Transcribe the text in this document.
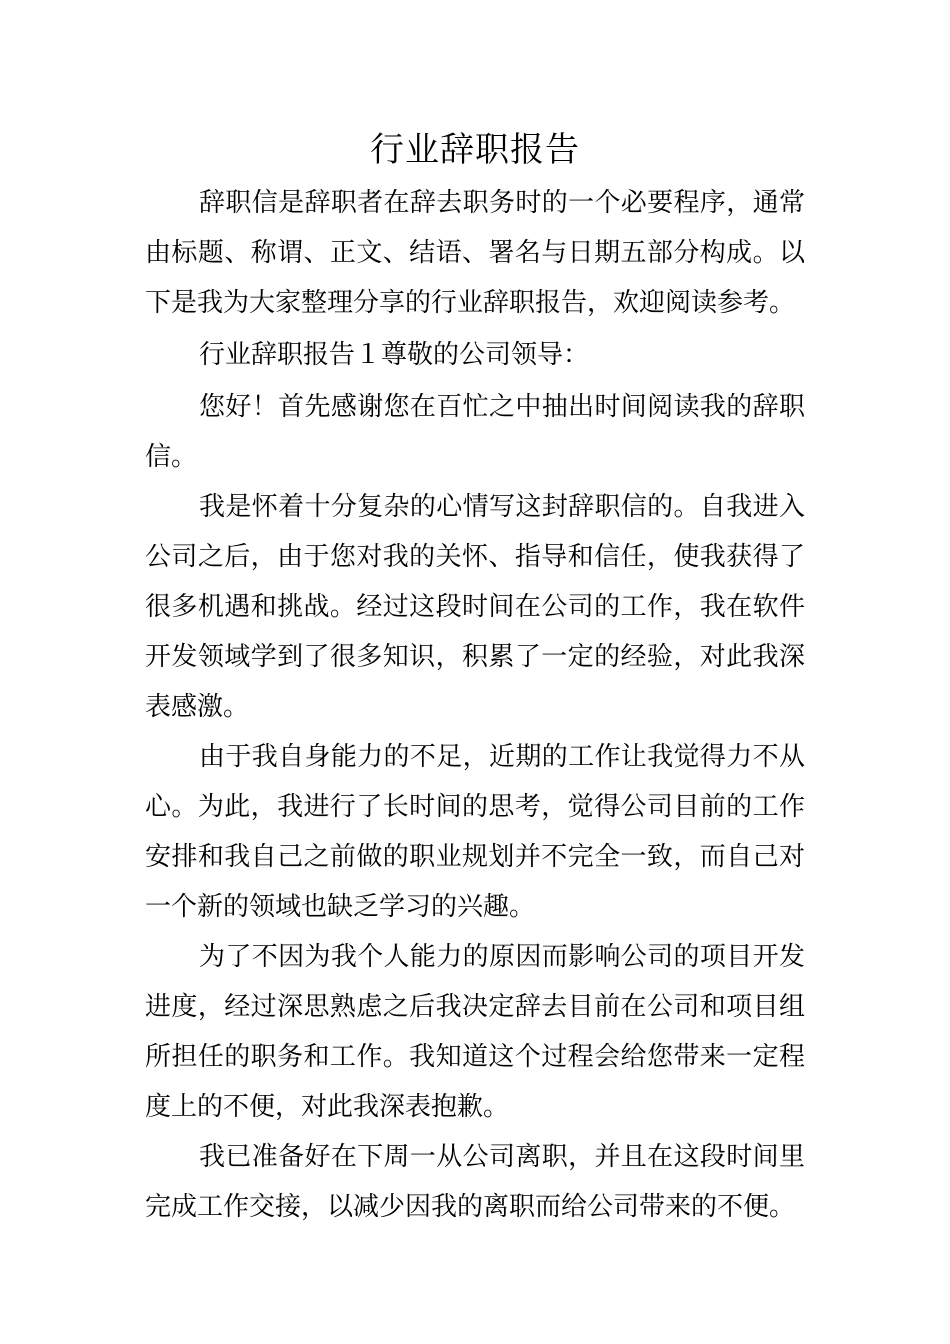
行业辞职报告

辞职信是辞职者在辞去职务时的一个必要程序，通常由标题、称谓、正文、结语、署名与日期五部分构成。以下是我为大家整理分享的行业辞职报告，欢迎阅读参考。

行业辞职报告１尊敬的公司领导：

您好！首先感谢您在百忙之中抽出时间阅读我的辞职信。

我是怀着十分复杂的心情写这封辞职信的。自我进入公司之后，由于您对我的关怀、指导和信任，使我获得了很多机遇和挑战。经过这段时间在公司的工作，我在软件开发领域学到了很多知识，积累了一定的经验，对此我深表感激。

由于我自身能力的不足，近期的工作让我觉得力不从心。为此，我进行了长时间的思考，觉得公司目前的工作安排和我自己之前做的职业规划并不完全一致，而自己对一个新的领域也缺乏学习的兴趣。

为了不因为我个人能力的原因而影响公司的项目开发进度，经过深思熟虑之后我决定辞去目前在公司和项目组所担任的职务和工作。我知道这个过程会给您带来一定程度上的不便，对此我深表抱歉。

我已准备好在下周一从公司离职，并且在这段时间里完成工作交接，以减少因我的离职而给公司带来的不便。
